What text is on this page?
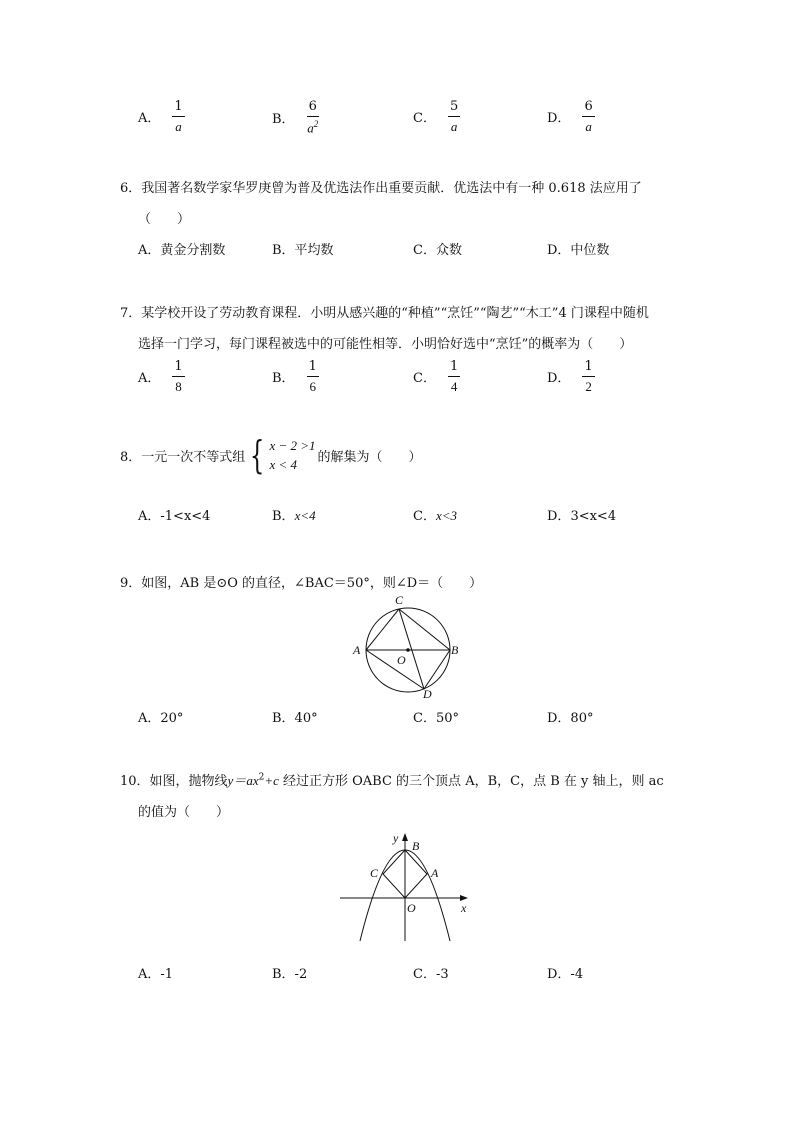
A． $\frac{1}{a}$	B． $\frac{6}{a^2}$	C． $\frac{5}{a}$	D． $\frac{6}{a}$
6．我国著名数学家华罗庚曾为普及优选法作出重要贡献．优选法中有一种 0.618 法应用了
（　　）
A．黄金分割数	B．平均数	C．众数	D．中位数
7．某学校开设了劳动教育课程．小明从感兴趣的“种植”“烹饪”“陶艺”“木工”4 门课程中随机
选择一门学习，每门课程被选中的可能性相等．小明恰好选中“烹饪”的概率为（　　）
A． $\frac{1}{8}$	B． $\frac{1}{6}$	C． $\frac{1}{4}$	D． $\frac{1}{2}$
8．一元一次不等式组 { x − 2 >1
x < 4	的解集为（　　）
A．-1<x<4	B．x<4	C．x<3	D．3<x<4
9．如图，AB 是⊙O 的直径，∠BAC＝50°，则∠D＝（　　）
C
A	B
O
D
A．20°	B．40°	C．50°	D．80°
10．如图，抛物线$y=ax^2+c$ 经过正方形 OABC 的三个顶点 A，B，C，点 B 在 y 轴上，则 ac
的值为（　　）
y
B
C	A
O	x
A．-1	B．-2	C．-3	D．-4
